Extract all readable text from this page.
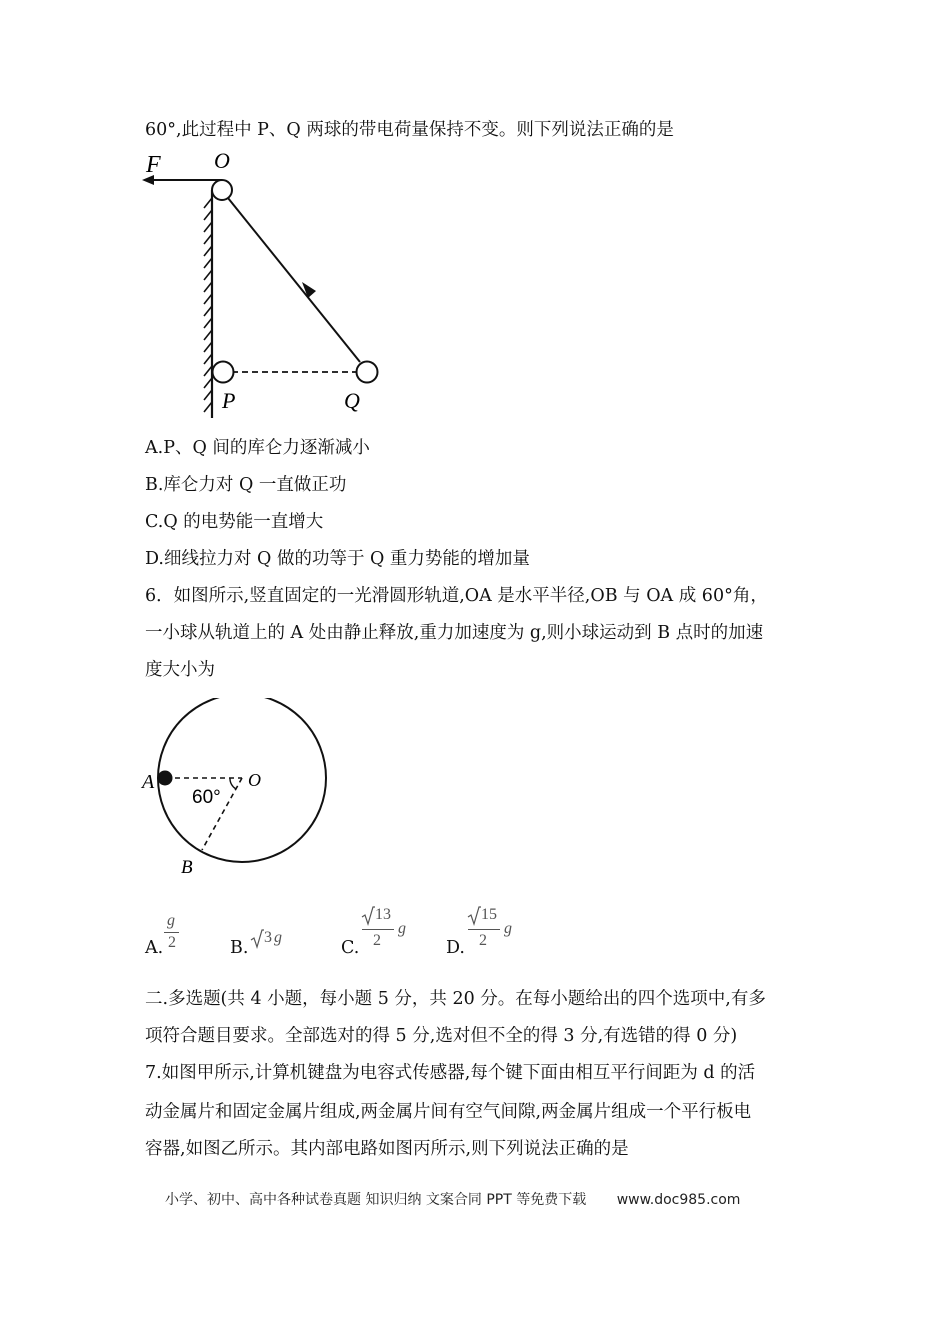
60°,此过程中 P、Q 两球的带电荷量保持不变。则下列说法正确的是
F O
P	Q
A.P、Q 间的库仑力逐渐减小
B.库仑力对 Q 一直做正功
C.Q 的电势能一直增大
D.细线拉力对 Q 做的功等于 Q 重力势能的增加量
6．如图所示,竖直固定的一光滑圆形轨道,OA 是水平半径,OB 与 OA 成 60°角，
一小球从轨道上的 A 处由静止释放,重力加速度为 g,则小球运动到 B 点时的加速
度大小为
A	O
60°
B
A.
g
2	B.
3 g
C.
13
2
g
D.
15
2
g
二.多选题(共 4 小题，每小题 5 分，共 20 分。在每小题给出的四个选项中,有多
项符合题目要求。全部选对的得 5 分,选对但不全的得 3 分,有选错的得 0 分)
7.如图甲所示,计算机键盘为电容式传感器,每个键下面由相互平行间距为 d 的活
动金属片和固定金属片组成,两金属片间有空气间隙,两金属片组成一个平行板电
容器,如图乙所示。其内部电路如图丙所示,则下列说法正确的是
小学、初中、高中各种试卷真题 知识归纳 文案合同 PPT 等免费下载 www.doc985.com
